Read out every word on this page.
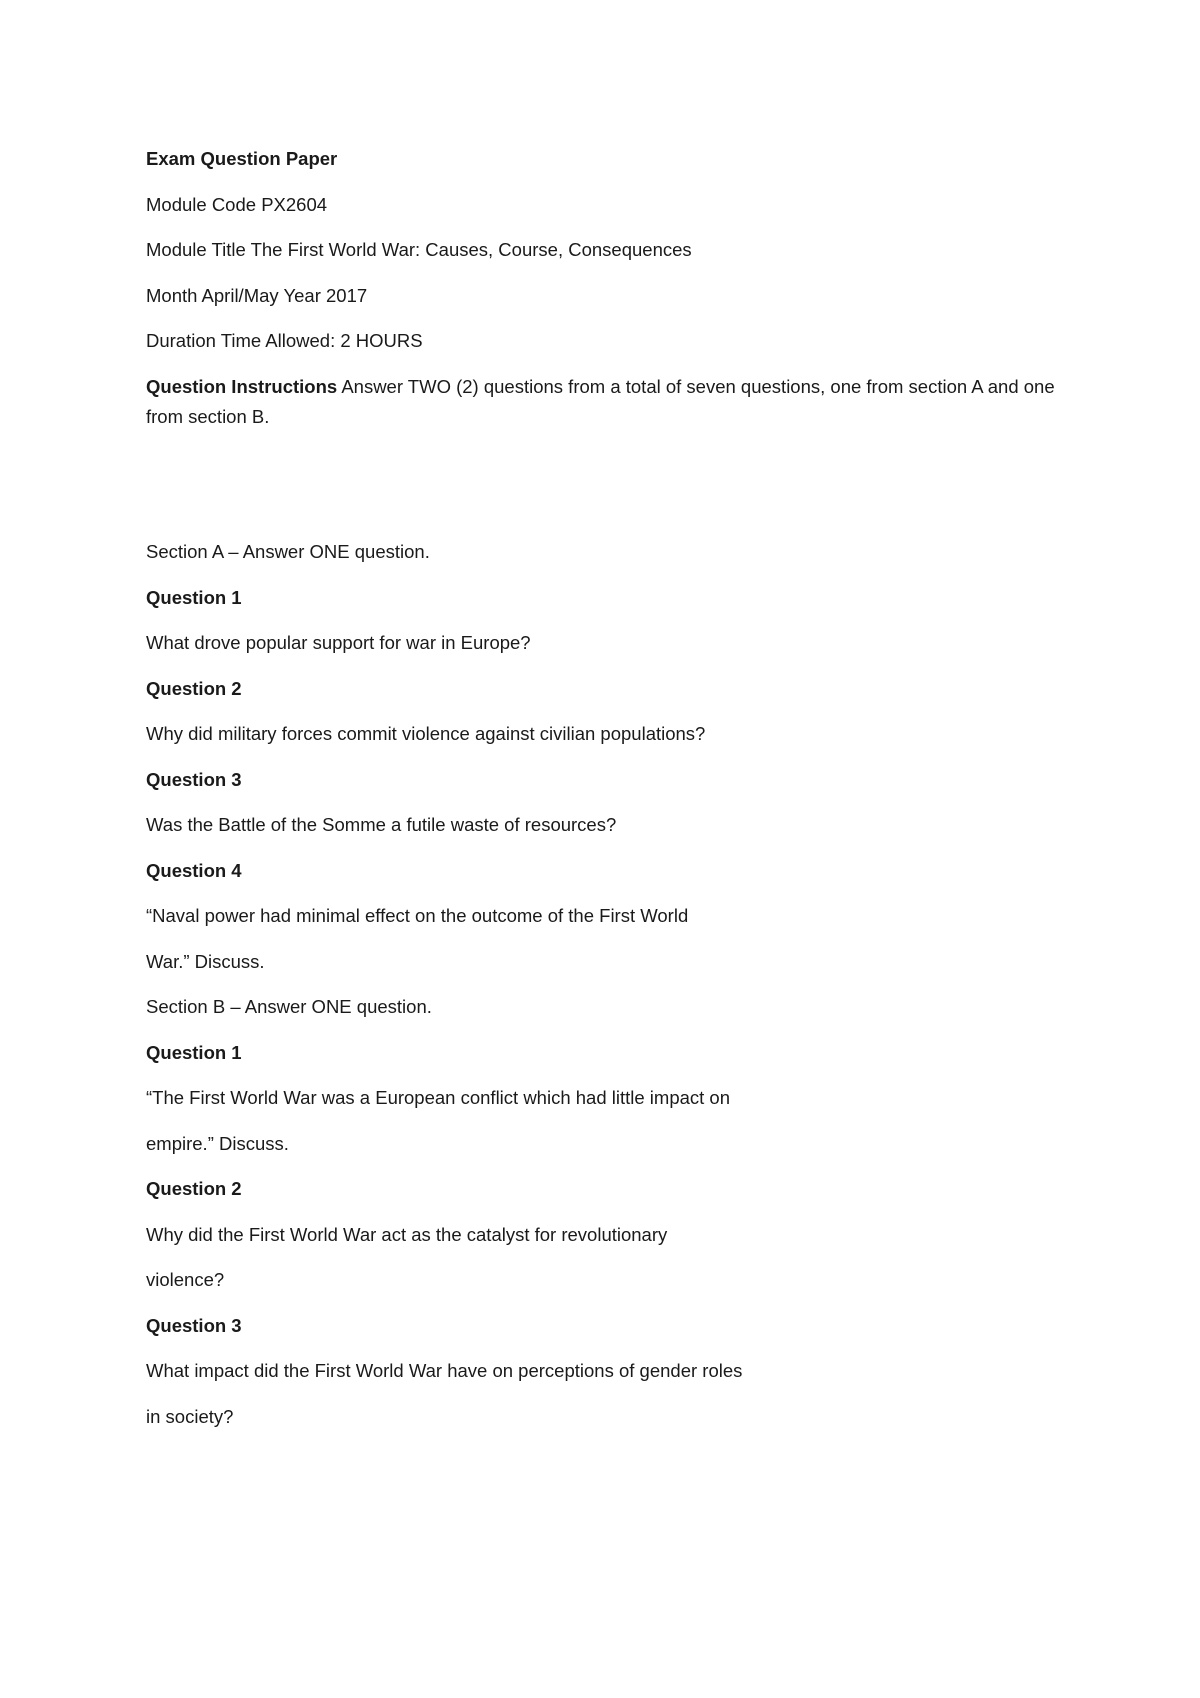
Exam Question Paper

Module Code PX2604

Module Title The First World War: Causes, Course, Consequences

Month April/May Year 2017

Duration Time Allowed: 2 HOURS

Question Instructions Answer TWO (2) questions from a total of seven questions, one from section A and one from section B.

Section A – Answer ONE question.

Question 1

What drove popular support for war in Europe?

Question 2

Why did military forces commit violence against civilian populations?

Question 3

Was the Battle of the Somme a futile waste of resources?

Question 4

“Naval power had minimal effect on the outcome of the First World

War.” Discuss.

Section B – Answer ONE question.

Question 1

“The First World War was a European conflict which had little impact on

empire.” Discuss.

Question 2

Why did the First World War act as the catalyst for revolutionary

violence?

Question 3

What impact did the First World War have on perceptions of gender roles

in society?
